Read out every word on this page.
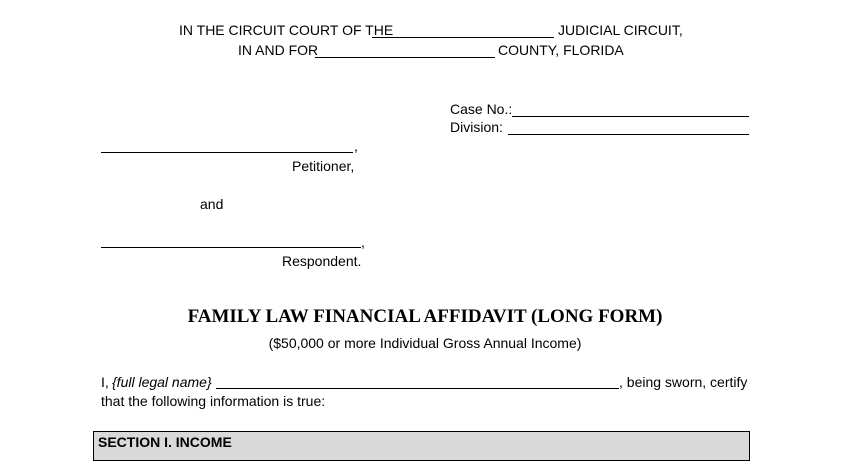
IN THE CIRCUIT COURT OF THE	JUDICIAL CIRCUIT,
IN AND FOR	COUNTY, FLORIDA
Case No.:
Division:
,
Petitioner,
and
,
Respondent.
FAMILY LAW FINANCIAL AFFIDAVIT (LONG FORM)
($50,000 or more Individual Gross Annual Income)
I, {full legal name}	, being sworn, certify
that the following information is true:
SECTION I. INCOME
